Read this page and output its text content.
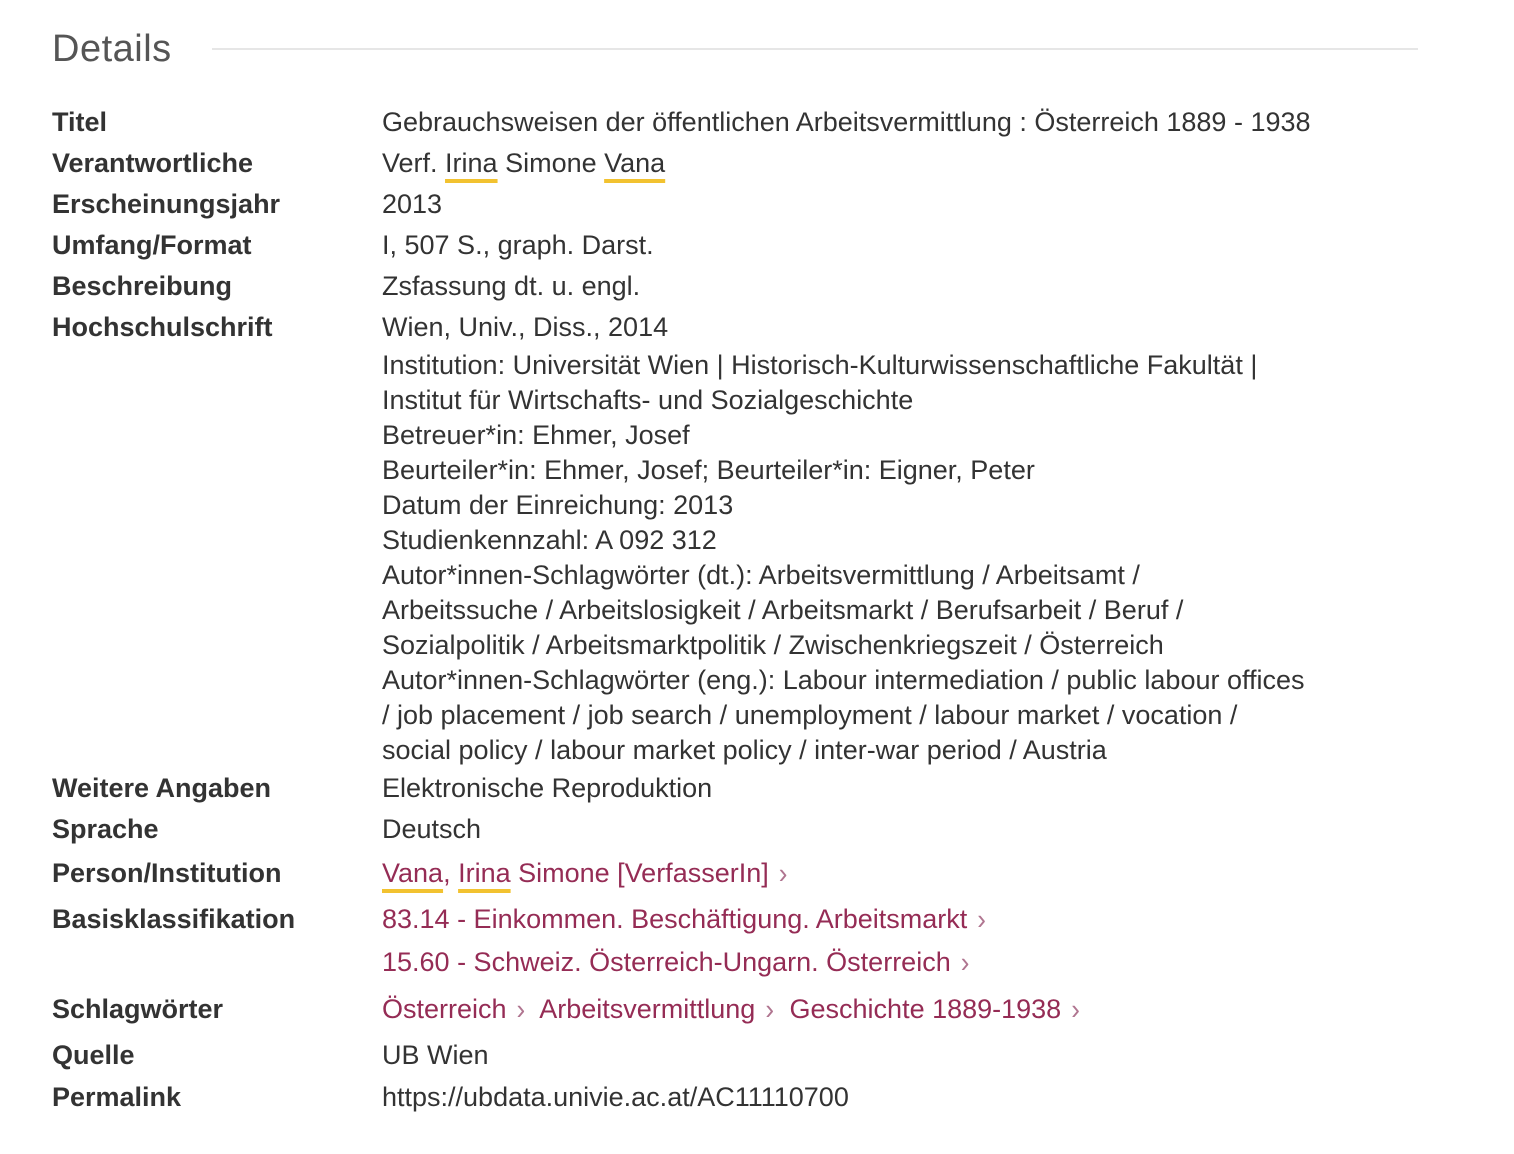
Details
Titel	Gebrauchsweisen der öffentlichen Arbeitsvermittlung : Österreich 1889 - 1938
Verantwortliche	Verf. Irina Simone Vana
Erscheinungsjahr	2013
Umfang/Format	I, 507 S., graph. Darst.
Beschreibung	Zsfassung dt. u. engl.
Hochschulschrift	Wien, Univ., Diss., 2014
Institution: Universität Wien | Historisch-Kulturwissenschaftliche Fakultät |
Institut für Wirtschafts- und Sozialgeschichte
Betreuer*in: Ehmer, Josef
Beurteiler*in: Ehmer, Josef; Beurteiler*in: Eigner, Peter
Datum der Einreichung: 2013
Studienkennzahl: A 092 312
Autor*innen-Schlagwörter (dt.): Arbeitsvermittlung / Arbeitsamt /
Arbeitssuche / Arbeitslosigkeit / Arbeitsmarkt / Berufsarbeit / Beruf /
Sozialpolitik / Arbeitsmarktpolitik / Zwischenkriegszeit / Österreich
Autor*innen-Schlagwörter (eng.): Labour intermediation / public labour offices
/ job placement / job search / unemployment / labour market / vocation /
social policy / labour market policy / inter-war period / Austria
Weitere Angaben	Elektronische Reproduktion
Sprache	Deutsch
Person/Institution	Vana, Irina Simone [VerfasserIn] ›
Basisklassifikation	83.14 - Einkommen. Beschäftigung. Arbeitsmarkt ›
15.60 - Schweiz. Österreich-Ungarn. Österreich ›
Schlagwörter	Österreich › Arbeitsvermittlung › Geschichte 1889-1938 ›
Quelle	UB Wien
Permalink	https://ubdata.univie.ac.at/AC11110700
